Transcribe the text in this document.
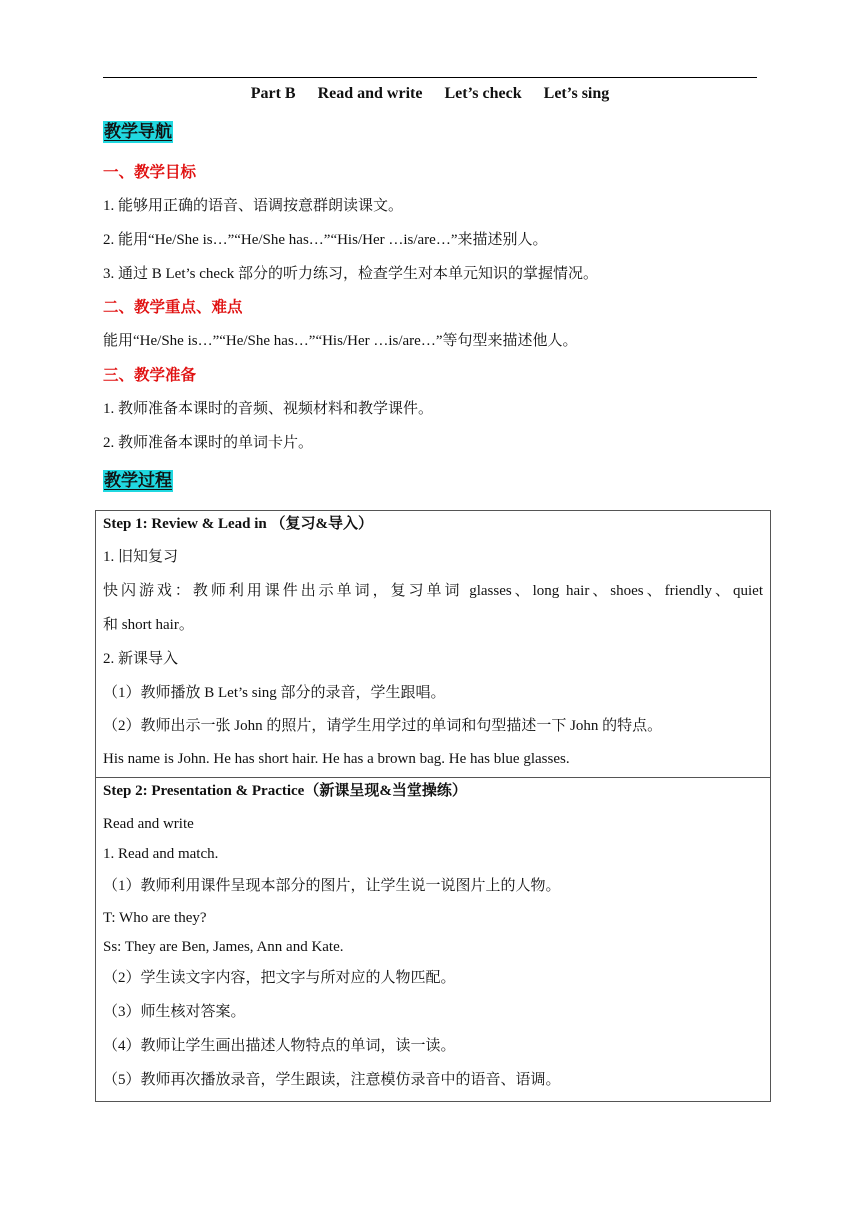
Part B Read and write Let’s check Let’s sing
教学导航
一、教学目标
1. 能够用正确的语音、语调按意群朗读课文。
2. 能用“He/She is…”“He/She has…”“His/Her …is/are…”来描述别人。
3. 通过 B Let’s check 部分的听力练习，检查学生对本单元知识的掌握情况。
二、教学重点、难点
能用“He/She is…”“He/She has…”“His/Her …is/are…”等句型来描述他人。
三、教学准备
1. 教师准备本课时的音频、视频材料和教学课件。
2. 教师准备本课时的单词卡片。
教学过程
Step 1: Review & Lead in （复习&导入）
1. 旧知复习
快闪游戏：教师利用课件出示单词，复习单词 glasses、long hair、shoes、friendly、quiet
和 short hair。
2. 新课导入
（1）教师播放 B Let’s sing 部分的录音，学生跟唱。
（2）教师出示一张 John 的照片，请学生用学过的单词和句型描述一下 John 的特点。
His name is John. He has short hair. He has a brown bag. He has blue glasses.
Step 2: Presentation & Practice（新课呈现&当堂操练）
Read and write
1. Read and match.
（1）教师利用课件呈现本部分的图片，让学生说一说图片上的人物。
T: Who are they?
Ss: They are Ben, James, Ann and Kate.
（2）学生读文字内容，把文字与所对应的人物匹配。
（3）师生核对答案。
（4）教师让学生画出描述人物特点的单词，读一读。
（5）教师再次播放录音，学生跟读，注意模仿录音中的语音、语调。
